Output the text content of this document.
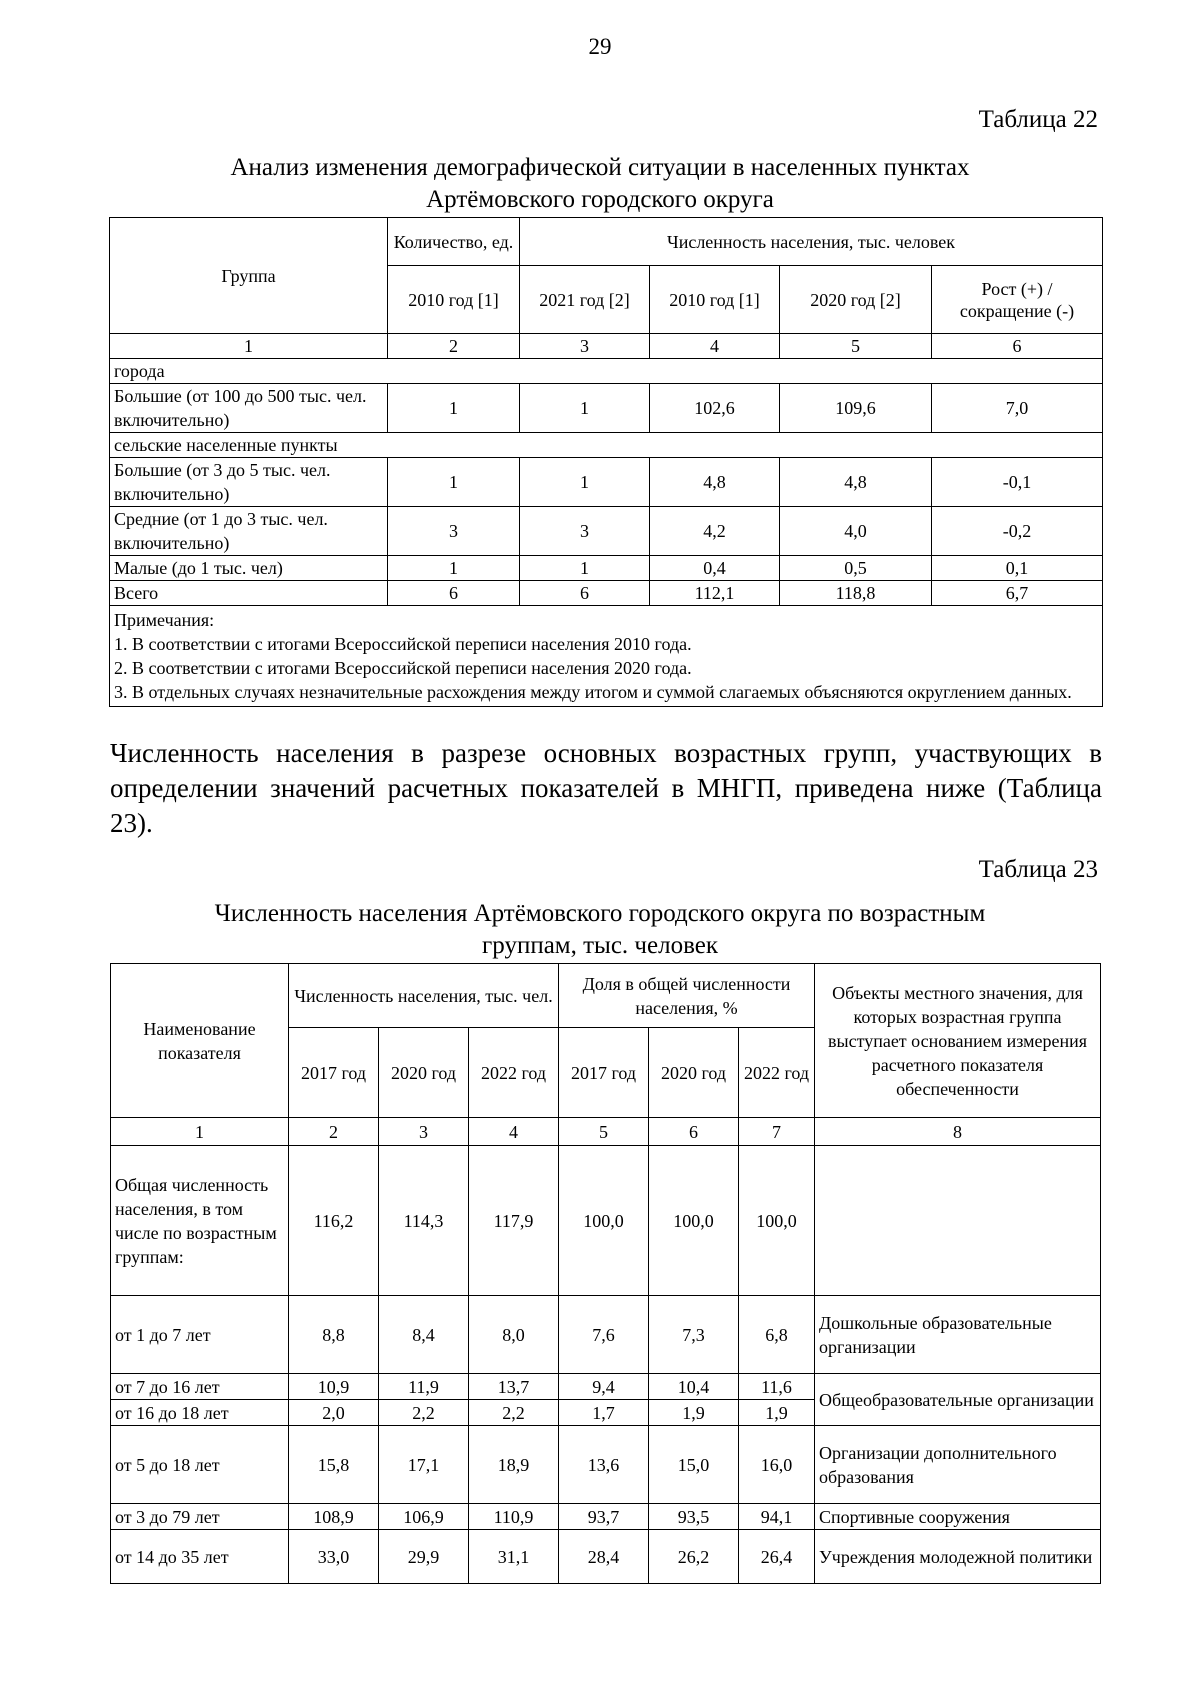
29
Таблица 22
Анализ изменения демографической ситуации в населенных пунктах
Артёмовского городского округа
Группа	Количество, ед.	Численность населения, тыс. человек			
	2010 год [1]	2021 год [2]	2010 год [1]	2020 год [2]	Рост (+) /сокращение (-)
1	2	3	4	5	6
города					
Большие (от 100 до 500 тыс. чел. включительно)	1	1	102,6	109,6	7,0
сельские населенные пункты					
Большие (от 3 до 5 тыс. чел. включительно)	1	1	4,8	4,8	-0,1
Средние (от 1 до 3 тыс. чел. включительно)	3	3	4,2	4,0	-0,2
Малые (до 1 тыс. чел)	1	1	0,4	0,5	0,1
Всего	6	6	112,1	118,8	6,7

Примечания:
1. В соответствии с итогами Всероссийской переписи населения 2010 года.
2. В соответствии с итогами Всероссийской переписи населения 2020 года.
3. В отдельных случаях незначительные расхождения между итогом и суммой слагаемых объясняются округлением данных.					
Численность населения в разрезе основных возрастных групп, участвующих в определении значений расчетных показателей в МНГП, приведена ниже (Таблица 23).
Таблица 23
Численность населения Артёмовского городского округа по возрастным
группам, тыс. человек
Наименование показателя	Численность населения, тыс. чел.			Доля в общей численности населения, %			Объекты местного значения, для которых возрастная группа выступает основанием измерения расчетного показателя обеспеченности
	2017 год	2020 год	2022 год	2017 год	2020 год	2022 год	
1	2	3	4	5	6	7	8
Общая численность населения, в том числе по возрастным группам:	116,2	114,3	117,9	100,0	100,0	100,0	
от 1 до 7 лет	8,8	8,4	8,0	7,6	7,3	6,8	Дошкольные образовательные организации
от 7 до 16 лет	10,9	11,9	13,7	9,4	10,4	11,6	Общеобразовательные организации
от 16 до 18 лет	2,0	2,2	2,2	1,7	1,9	1,9	
от 5 до 18 лет	15,8	17,1	18,9	13,6	15,0	16,0	Организации дополнительного образования
от 3 до 79 лет	108,9	106,9	110,9	93,7	93,5	94,1	Спортивные сооружения
от 14 до 35 лет	33,0	29,9	31,1	28,4	26,2	26,4	Учреждения молодежной политики
